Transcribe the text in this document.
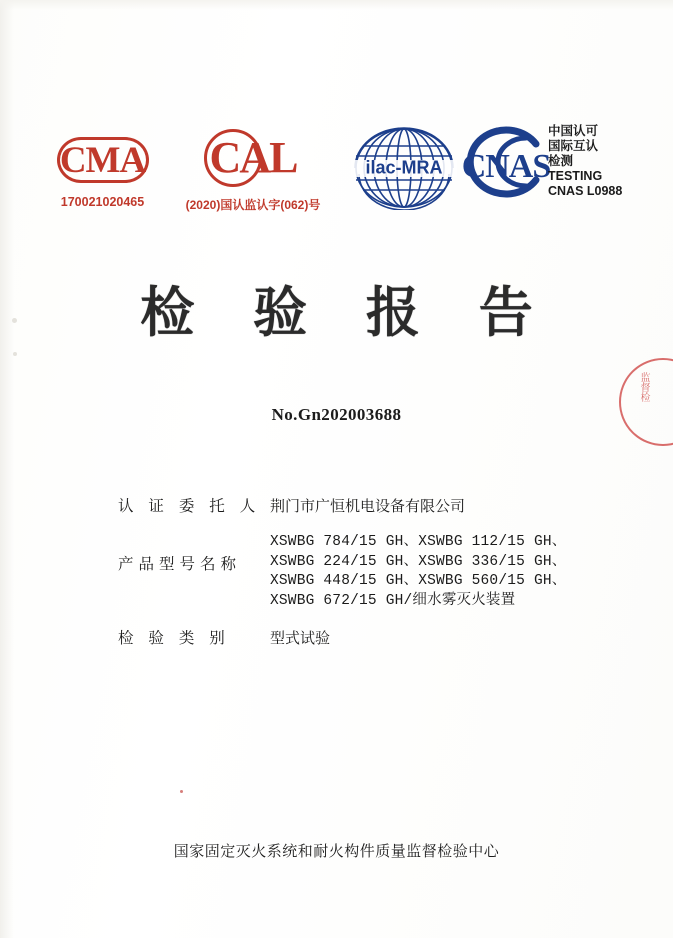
CMA
170021020465
CAL
(2020)国认监认字(062)号
ilac-MRA CNAS
中国认可
国际互认
检测
TESTING
CNAS L0988
检 验 报 告
No.Gn202003688
认 证 委 托 人 荆门市广恒机电设备有限公司
产品型号名称
XSWBG 784/15 GH、XSWBG 112/15 GH、
XSWBG 224/15 GH、XSWBG 336/15 GH、
XSWBG 448/15 GH、XSWBG 560/15 GH、
XSWBG 672/15 GH/细水雾灭火装置
检 验 类 别	型式试验
监督检
国家固定灭火系统和耐火构件质量监督检验中心
